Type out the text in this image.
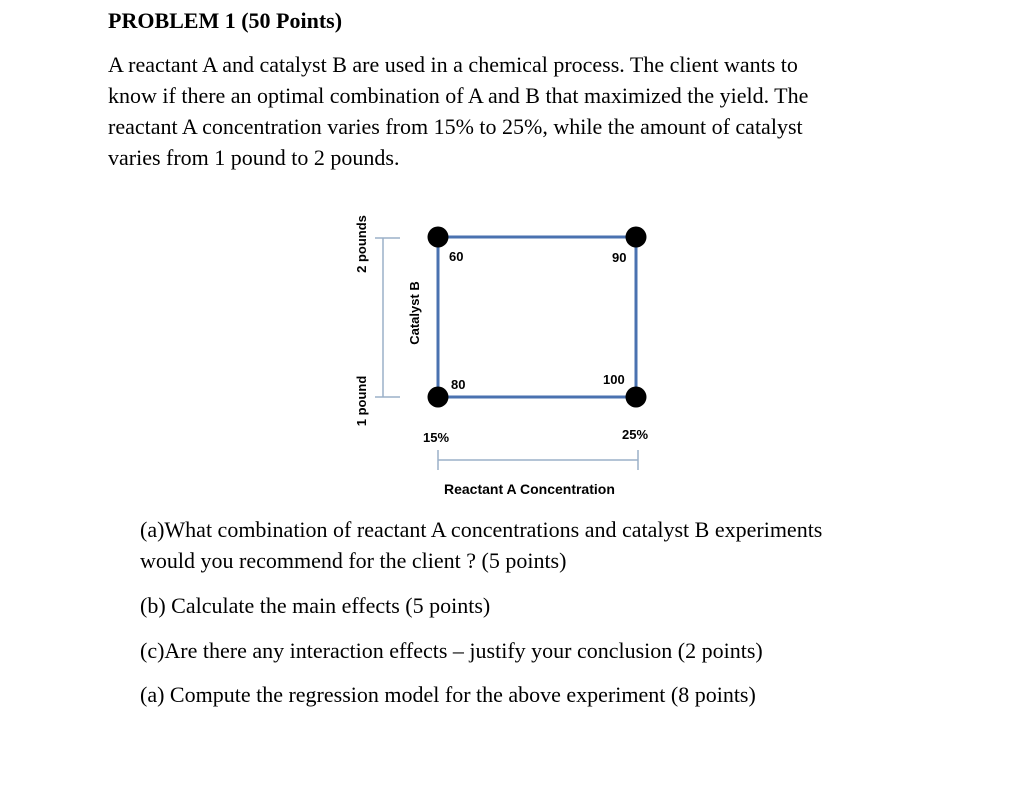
PROBLEM 1 (50 Points)
A reactant A and catalyst B are used in a chemical process. The client wants to
know if there an optimal combination of A and B that maximized the yield. The
reactant A concentration varies from 15% to 25%, while the amount of catalyst
varies from 1 pound to 2 pounds.
60	90
80	100
15%	25%
Reactant A Concentration
2 pounds
1 pound
Catalyst B
(a)What combination of reactant A concentrations and catalyst B experiments
would you recommend for the client ? (5 points)
(b) Calculate the main effects (5 points)
(c)Are there any interaction effects – justify your conclusion (2 points)
(a) Compute the regression model for the above experiment (8 points)
